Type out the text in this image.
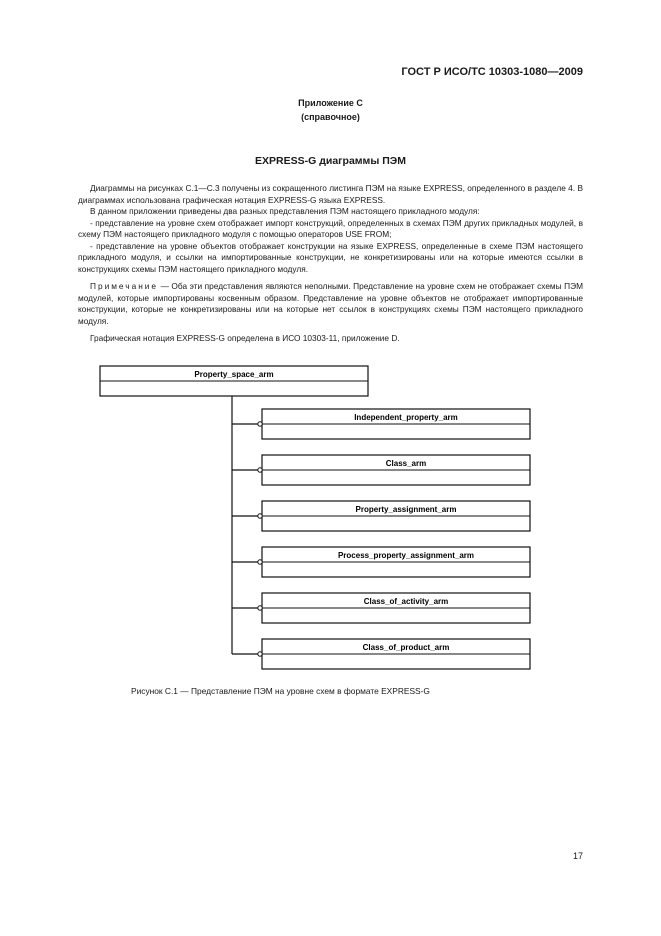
ГОСТ Р ИСО/ТС 10303-1080—2009
Приложение С
(справочное)
EXPRESS-G диаграммы ПЭМ

Диаграммы на рисунках С.1—С.3 получены из сокращенного листинга ПЭМ на языке EXPRESS, определенного в разделе 4. В диаграммах использована графическая нотация EXPRESS-G языка EXPRESS.

В данном приложении приведены два разных представления ПЭМ настоящего прикладного модуля:

- представление на уровне схем отображает импорт конструкций, определенных в схемах ПЭМ других прикладных модулей, в схему ПЭМ настоящего прикладного модуля с помощью операторов USE FROM;

- представление на уровне объектов отображает конструкции на языке EXPRESS, определенные в схеме ПЭМ настоящего прикладного модуля, и ссылки на импортированные конструкции, не конкретизированы или на которые имеются ссылки в конструкциях схемы ПЭМ настоящего прикладного модуля.

Примечание — Оба эти представления являются неполными. Представление на уровне схем не отображает схемы ПЭМ модулей, которые импортированы косвенным образом. Представление на уровне объектов не отображает импортированные конструкции, которые не конкретизированы или на которые нет ссылок в конструкциях схемы ПЭМ настоящего прикладного модуля.

Графическая нотация EXPRESS-G определена в ИСО 10303-11, приложение D.

Property_space_arm
Independent_property_arm
Class_arm
Property_assignment_arm
Process_property_assignment_arm
Class_of_activity_arm
Class_of_product_arm
Рисунок С.1 — Представление ПЭМ на уровне схем в формате EXPRESS-G
17
